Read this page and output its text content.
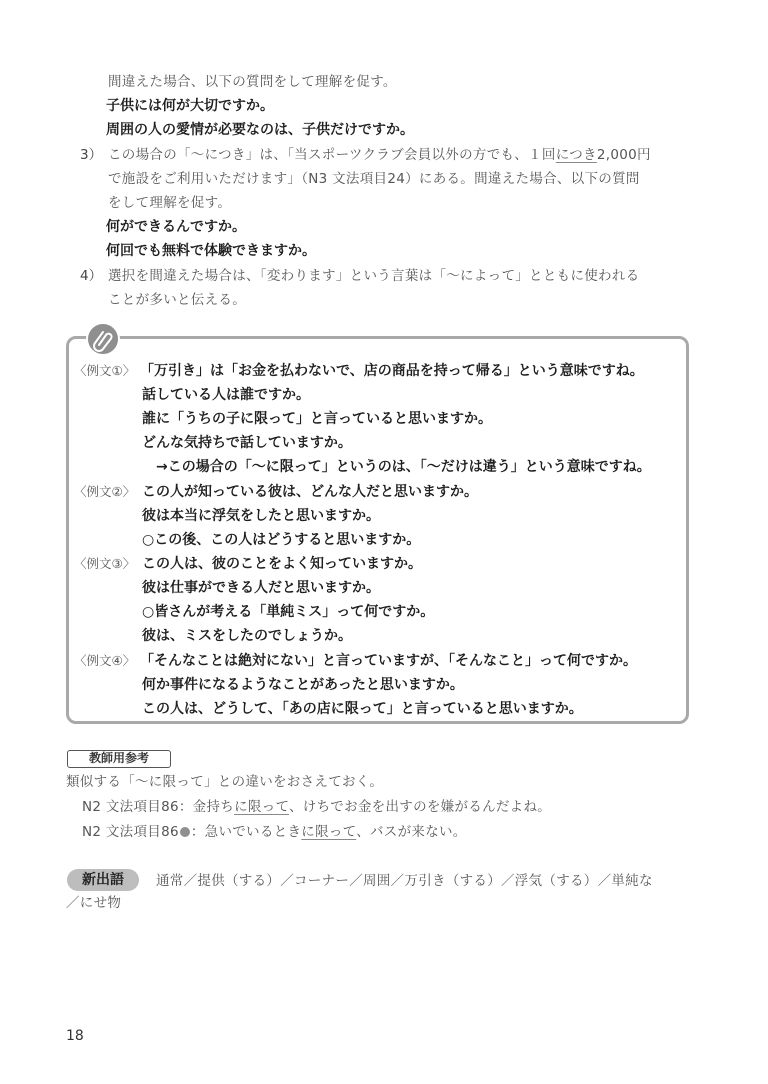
間違えた場合、以下の質問をして理解を促す。
子供には何が大切ですか。
周囲の人の愛情が必要なのは、子供だけですか。
3） この場合の「～につき」は、「当スポーツクラブ会員以外の方でも、１回につき2,000円
で施設をご利用いただけます」（N3 文法項目24）にある。間違えた場合、以下の質問
をして理解を促す。
何ができるんですか。
何回でも無料で体験できますか。
4） 選択を間違えた場合は、「変わります」という言葉は「～によって」とともに使われる
ことが多いと伝える。
〈例文①〉 「万引き」は「お金を払わないで、店の商品を持って帰る」という意味ですね。
話している人は誰ですか。
誰に「うちの子に限って」と言っていると思いますか。
どんな気持ちで話していますか。
→この場合の「～に限って」というのは、「～だけは違う」という意味ですね。
〈例文②〉 この人が知っている彼は、どんな人だと思いますか。
彼は本当に浮気をしたと思いますか。
○この後、この人はどうすると思いますか。
〈例文③〉 この人は、彼のことをよく知っていますか。
彼は仕事ができる人だと思いますか。
○皆さんが考える「単純ミス」って何ですか。
彼は、ミスをしたのでしょうか。
〈例文④〉 「そんなことは絶対にない」と言っていますが、「そんなこと」って何ですか。
何か事件になるようなことがあったと思いますか。
この人は、どうして、「あの店に限って」と言っていると思いますか。
教師用参考
類似する「～に限って」との違いをおさえておく。
N2 文法項目86：金持ちに限って、けちでお金を出すのを嫌がるんだよね。
N2 文法項目86 ：急いでいるときに限って、バスが来ない。
新出語	通常／提供（する）／コーナー／周囲／万引き（する）／浮気（する）／単純な
／にせ物
18
